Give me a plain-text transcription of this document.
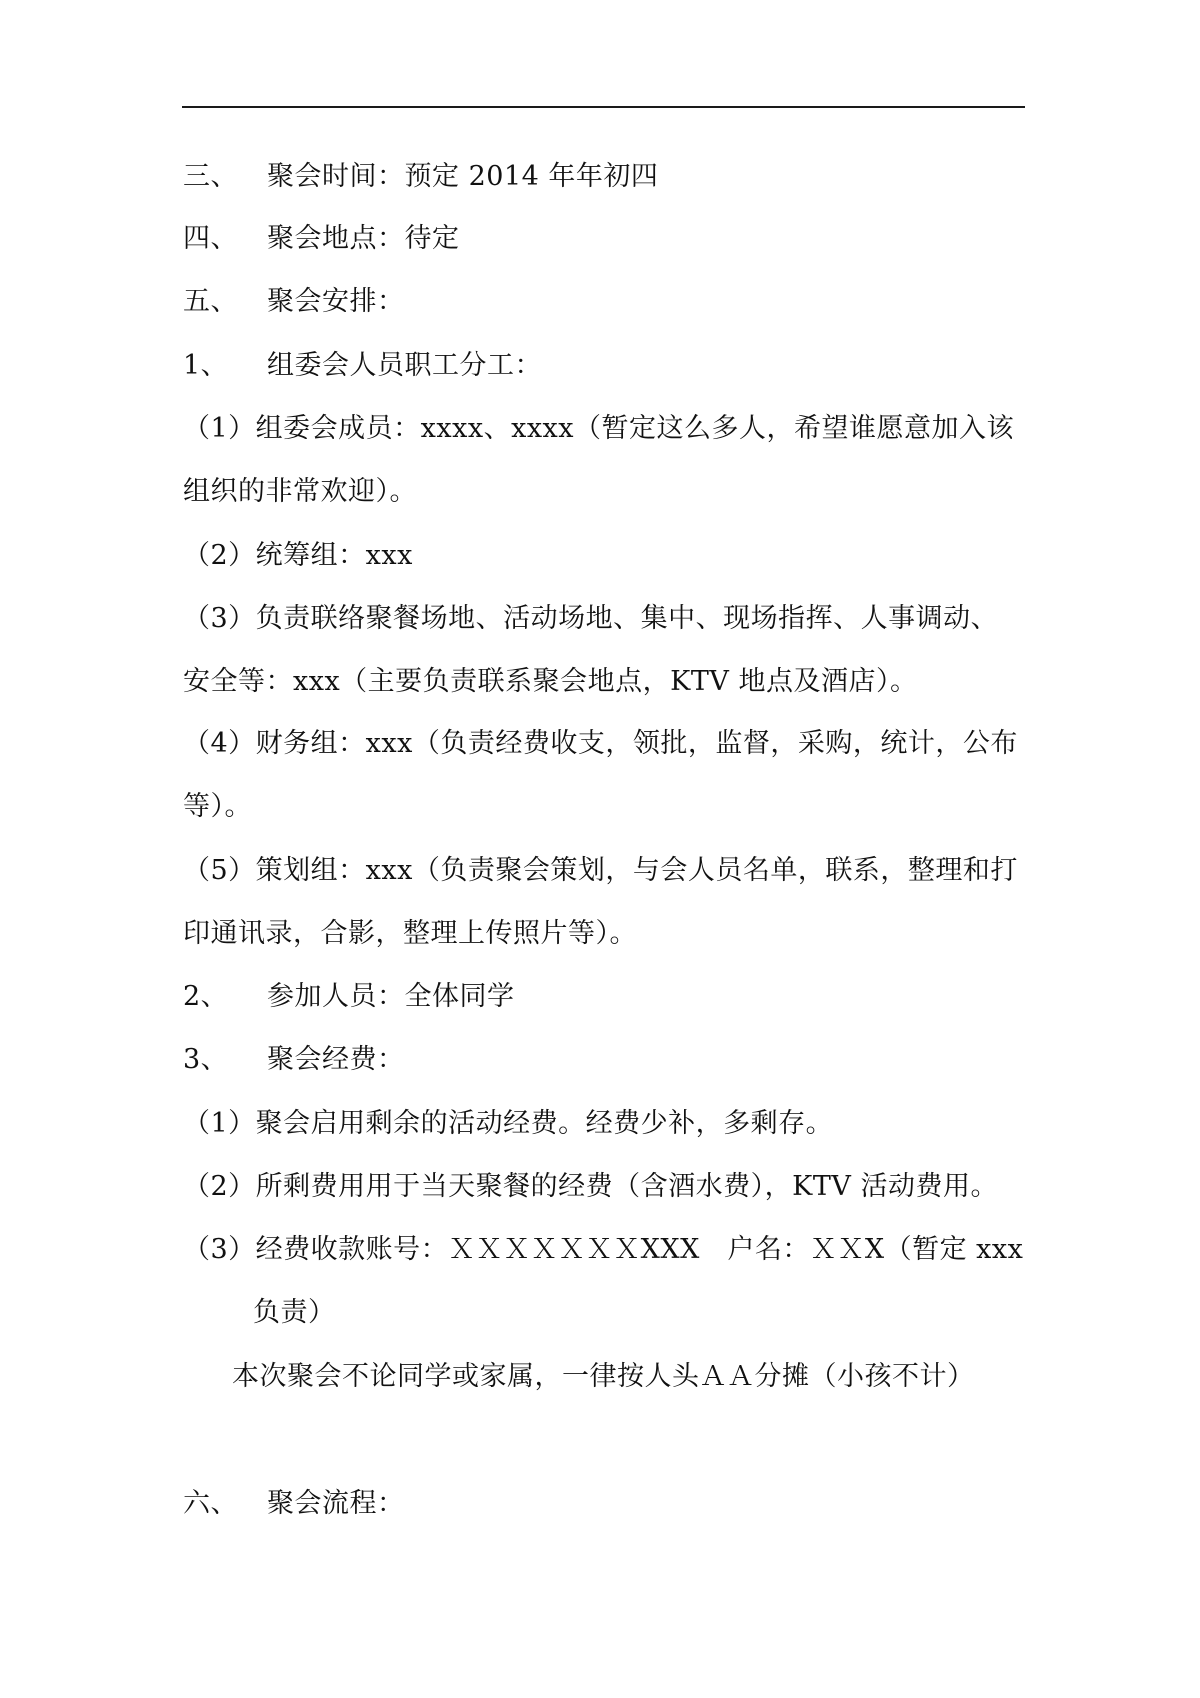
三、 聚会时间：预定 2014 年年初四
四、 聚会地点：待定
五、 聚会安排：
1、 组委会人员职工分工：
（1）组委会成员：xxxx、xxxx（暂定这么多人，希望谁愿意加入该
组织的非常欢迎）。
（2）统筹组：xxx
（3）负责联络聚餐场地、活动场地、集中、现场指挥、人事调动、
安全等：xxx（主要负责联系聚会地点，KTV 地点及酒店）。
（4）财务组：xxx（负责经费收支，领批，监督，采购，统计，公布
等）。
（5）策划组：xxx（负责聚会策划，与会人员名单，联系，整理和打
印通讯录，合影，整理上传照片等）。
2、 参加人员：全体同学
3、 聚会经费：
（1）聚会启用剩余的活动经费。经费少补，多剩存。
（2）所剩费用用于当天聚餐的经费（含酒水费），KTV 活动费用。
（3）经费收款账号：ＸＸＸＸＸＸＸXXX　户名：ＸＸX（暂定 xxx
负责）
本次聚会不论同学或家属，一律按人头ＡＡ分摊（小孩不计）
六、 聚会流程：
